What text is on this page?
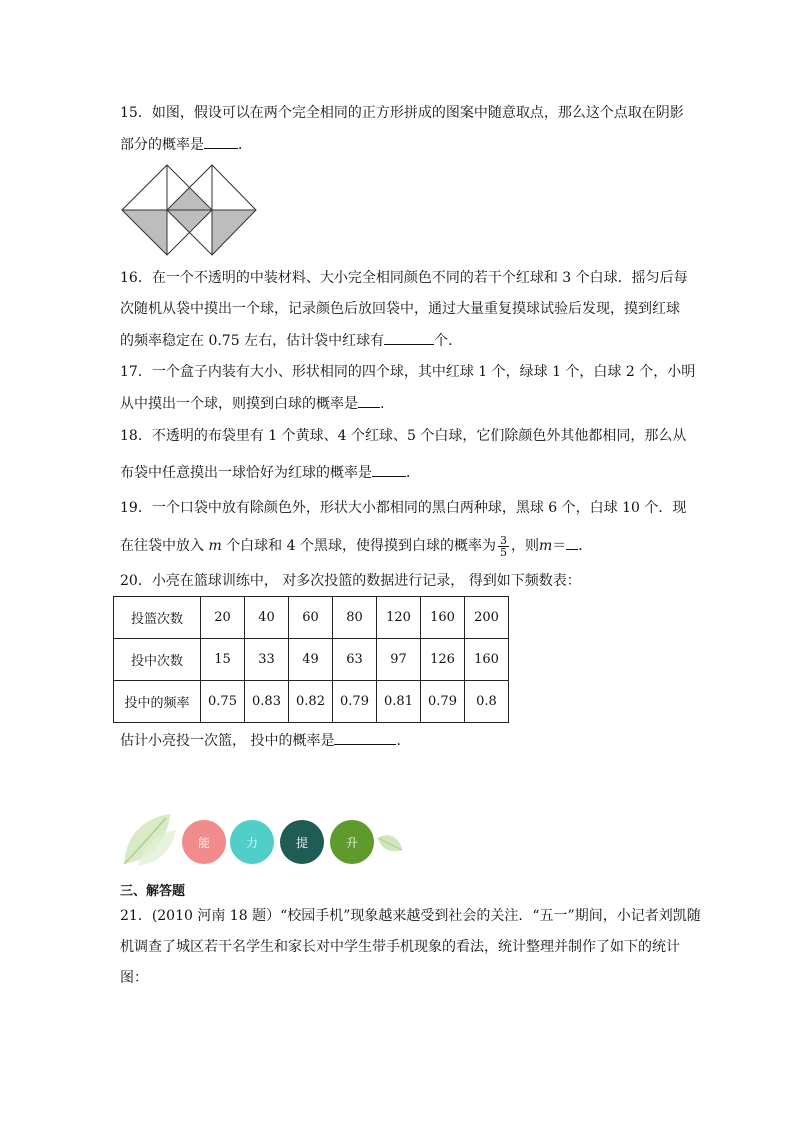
15．如图，假设可以在两个完全相同的正方形拼成的图案中随意取点，那么这个点取在阴影
部分的概率是 ．
16．在一个不透明的中装材料、大小完全相同颜色不同的若干个红球和 3 个白球．摇匀后每
次随机从袋中摸出一个球，记录颜色后放回袋中，通过大量重复摸球试验后发现，摸到红球
的频率稳定在 0.75 左右，估计袋中红球有	个．
17．一个盒子内装有大小、形状相同的四个球，其中红球 1 个，绿球 1 个，白球 2 个，小明
从中摸出一个球，则摸到白球的概率是 .
18．不透明的布袋里有 1 个黄球、4 个红球、5 个白球，它们除颜色外其他都相同，那么从
布袋中任意摸出一球恰好为红球的概率是 ．
19．一个口袋中放有除颜色外，形状大小都相同的黑白两种球，黑球 6 个，白球 10 个．现
在往袋中放入 m 个白球和 4 个黑球，使得摸到白球的概率为 $\frac{3}{5}$ ，则m＝ ．
20．小亮在篮球训练中， 对多次投篮的数据进行记录， 得到如下频数表：
投篮次数	20	40	60	80	120	160	200
投中次数	15	33	49	63	97	126	160
投中的频率	0.75	0.83	0.82	0.79	0.81	0.79	0.8
估计小亮投一次篮， 投中的概率是	．
能	力	提	升
三、解答题
21．(2010 河南 18 题）“校园手机”现象越来越受到社会的关注．“五一”期间，小记者刘凯随
机调查了城区若干名学生和家长对中学生带手机现象的看法，统计整理并制作了如下的统计
图：
